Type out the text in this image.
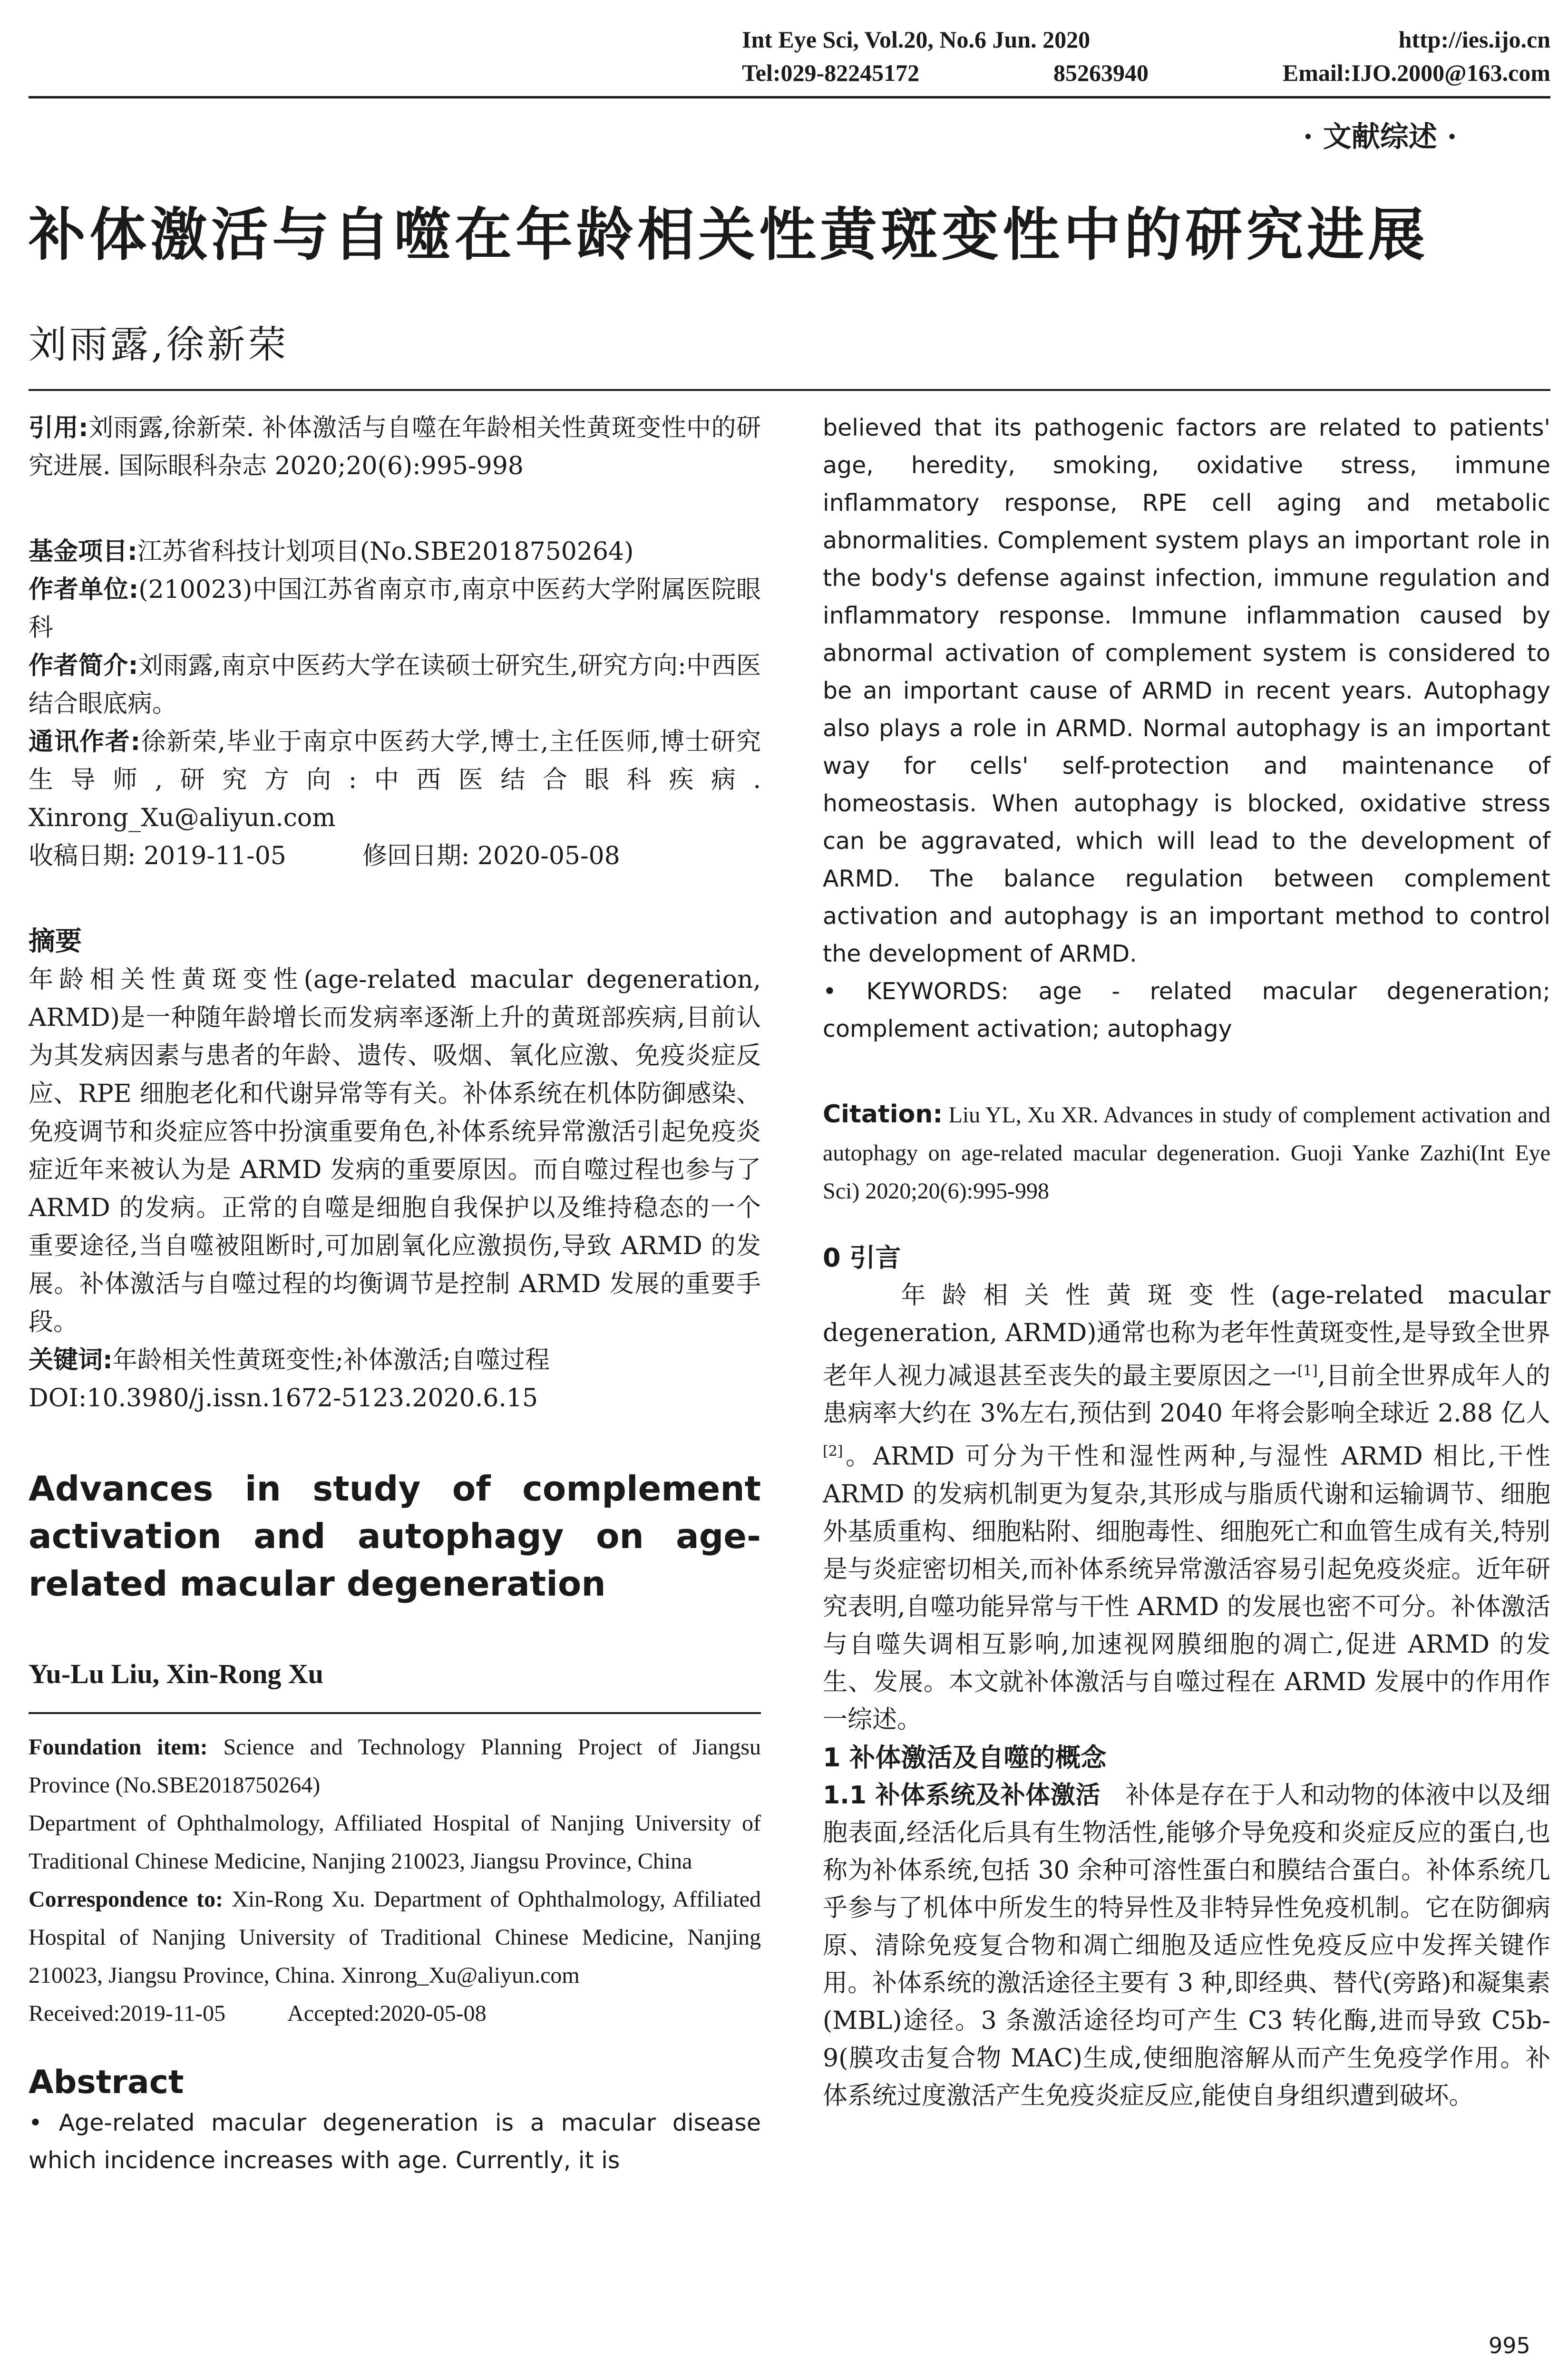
Int Eye Sci, Vol.20, No.6 Jun. 2020	http://ies.ijo.cn
Tel:029-82245172	85263940	Email:IJO.2000@163.com
· 文献综述 ·
补体激活与自噬在年龄相关性黄斑变性中的研究进展
刘雨露,徐新荣

引用:刘雨露,徐新荣. 补体激活与自噬在年龄相关性黄斑变性中的研究进展. 国际眼科杂志 2020;20(6):995-998

基金项目:江苏省科技计划项目(No.SBE2018750264)

作者单位:(210023)中国江苏省南京市,南京中医药大学附属医院眼科

作者简介:刘雨露,南京中医药大学在读硕士研究生,研究方向:中西医结合眼底病。

通讯作者:徐新荣,毕业于南京中医药大学,博士,主任医师,博士研究生导师,研究方向:中西医结合眼科疾病. Xinrong_Xu@aliyun.com

收稿日期: 2019-11-05	修回日期: 2020-05-08

摘要

年龄相关性黄斑变性(age-related macular degeneration, ARMD)是一种随年龄增长而发病率逐渐上升的黄斑部疾病,目前认为其发病因素与患者的年龄、遗传、吸烟、氧化应激、免疫炎症反应、RPE 细胞老化和代谢异常等有关。补体系统在机体防御感染、免疫调节和炎症应答中扮演重要角色,补体系统异常激活引起免疫炎症近年来被认为是 ARMD 发病的重要原因。而自噬过程也参与了 ARMD 的发病。正常的自噬是细胞自我保护以及维持稳态的一个重要途径,当自噬被阻断时,可加剧氧化应激损伤,导致 ARMD 的发展。补体激活与自噬过程的均衡调节是控制 ARMD 发展的重要手段。

关键词:年龄相关性黄斑变性;补体激活;自噬过程

DOI:10.3980/j.issn.1672-5123.2020.6.15

Advances in study of complement activation and autophagy on age-related macular degeneration

Yu-Lu Liu, Xin-Rong Xu

Foundation item: Science and Technology Planning Project of Jiangsu Province (No.SBE2018750264)

Department of Ophthalmology, Affiliated Hospital of Nanjing University of Traditional Chinese Medicine, Nanjing 210023, Jiangsu Province, China

Correspondence to: Xin-Rong Xu. Department of Ophthalmology, Affiliated Hospital of Nanjing University of Traditional Chinese Medicine, Nanjing 210023, Jiangsu Province, China. Xinrong_Xu@aliyun.com

Received:2019-11-05	Accepted:2020-05-08

Abstract

• Age-related macular degeneration is a macular disease which incidence increases with age. Currently, it is

believed that its pathogenic factors are related to patients' age, heredity, smoking, oxidative stress, immune inflammatory response, RPE cell aging and metabolic abnormalities. Complement system plays an important role in the body's defense against infection, immune regulation and inflammatory response. Immune inflammation caused by abnormal activation of complement system is considered to be an important cause of ARMD in recent years. Autophagy also plays a role in ARMD. Normal autophagy is an important way for cells' self-protection and maintenance of homeostasis. When autophagy is blocked, oxidative stress can be aggravated, which will lead to the development of ARMD. The balance regulation between complement activation and autophagy is an important method to control the development of ARMD.

• KEYWORDS: age - related macular degeneration; complement activation; autophagy

Citation: Liu YL, Xu XR. Advances in study of complement activation and autophagy on age-related macular degeneration. Guoji Yanke Zazhi(Int Eye Sci) 2020;20(6):995-998

0 引言

年龄相关性黄斑变性(age-related macular degeneration, ARMD)通常也称为老年性黄斑变性,是导致全世界老年人视力减退甚至丧失的最主要原因之一[1],目前全世界成年人的患病率大约在 3%左右,预估到 2040 年将会影响全球近 2.88 亿人[2]。ARMD 可分为干性和湿性两种,与湿性 ARMD 相比,干性 ARMD 的发病机制更为复杂,其形成与脂质代谢和运输调节、细胞外基质重构、细胞粘附、细胞毒性、细胞死亡和血管生成有关,特别是与炎症密切相关,而补体系统异常激活容易引起免疫炎症。近年研究表明,自噬功能异常与干性 ARMD 的发展也密不可分。补体激活与自噬失调相互影响,加速视网膜细胞的凋亡,促进 ARMD 的发生、发展。本文就补体激活与自噬过程在 ARMD 发展中的作用作一综述。

1 补体激活及自噬的概念

1.1 补体系统及补体激活　 补体是存在于人和动物的体液中以及细胞表面,经活化后具有生物活性,能够介导免疫和炎症反应的蛋白,也称为补体系统,包括 30 余种可溶性蛋白和膜结合蛋白。补体系统几乎参与了机体中所发生的特异性及非特异性免疫机制。它在防御病原、清除免疫复合物和凋亡细胞及适应性免疫反应中发挥关键作用。补体系统的激活途径主要有 3 种,即经典、替代(旁路)和凝集素(MBL)途径。3 条激活途径均可产生 C3 转化酶,进而导致 C5b-9(膜攻击复合物 MAC)生成,使细胞溶解从而产生免疫学作用。补体系统过度激活产生免疫炎症反应,能使自身组织遭到破坏。

995
